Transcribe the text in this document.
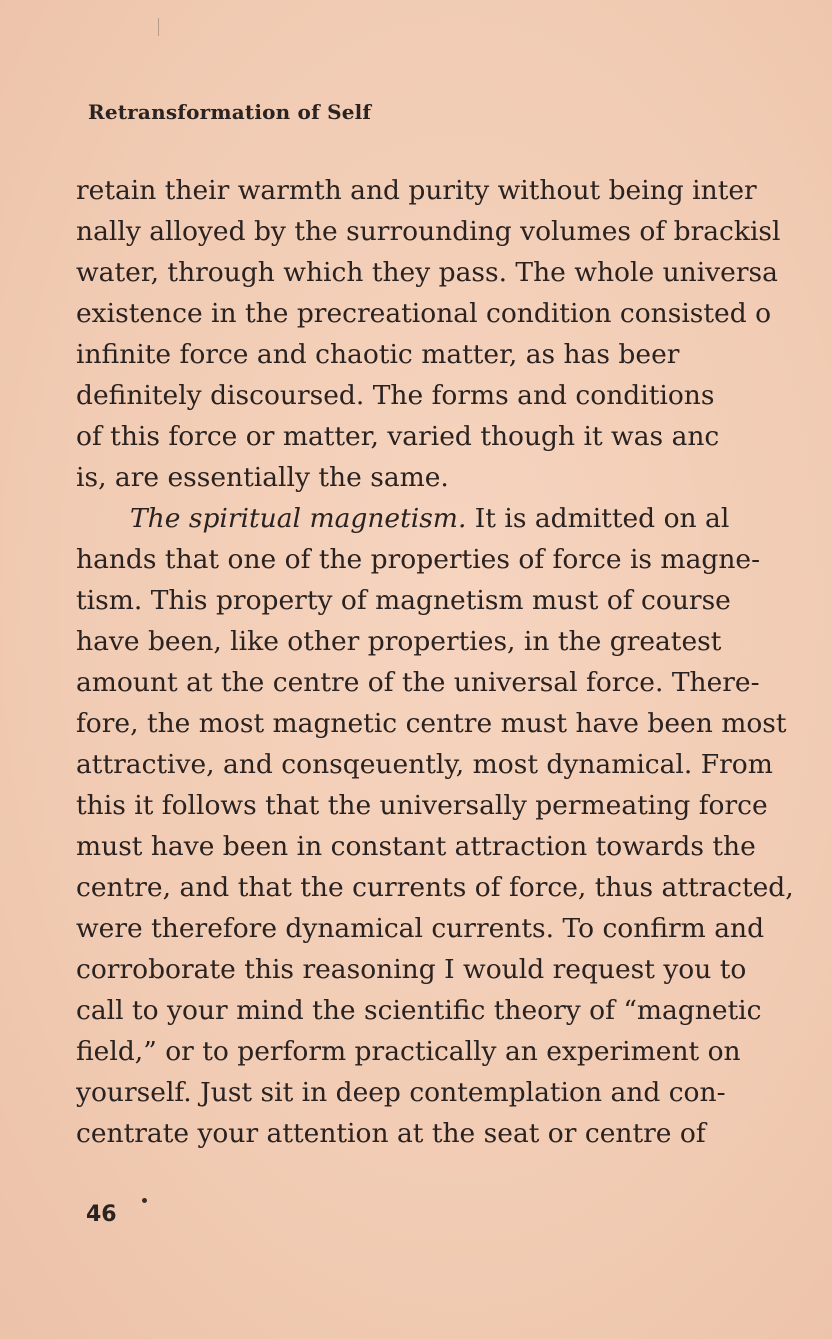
Retransformation of Self
retain their warmth and purity without being inter
nally alloyed by the surrounding volumes of brackisl
water, through which they pass. The whole universa
existence in the precreational condition consisted o
infinite force and chaotic matter, as has beer
definitely discoursed. The forms and conditions
of this force or matter, varied though it was anc
is, are essentially the same.
The spiritual magnetism. It is admitted on al
hands that one of the properties of force is magne-
tism. This property of magnetism must of course
have been, like other properties, in the greatest
amount at the centre of the universal force. There-
fore, the most magnetic centre must have been most
attractive, and consqeuently, most dynamical. From
this it follows that the universally permeating force
must have been in constant attraction towards the
centre, and that the currents of force, thus attracted,
were therefore dynamical currents. To confirm and
corroborate this reasoning I would request you to
call to your mind the scientific theory of “magnetic
field,” or to perform practically an experiment on
yourself. Just sit in deep contemplation and con-
centrate your attention at the seat or centre of
46
